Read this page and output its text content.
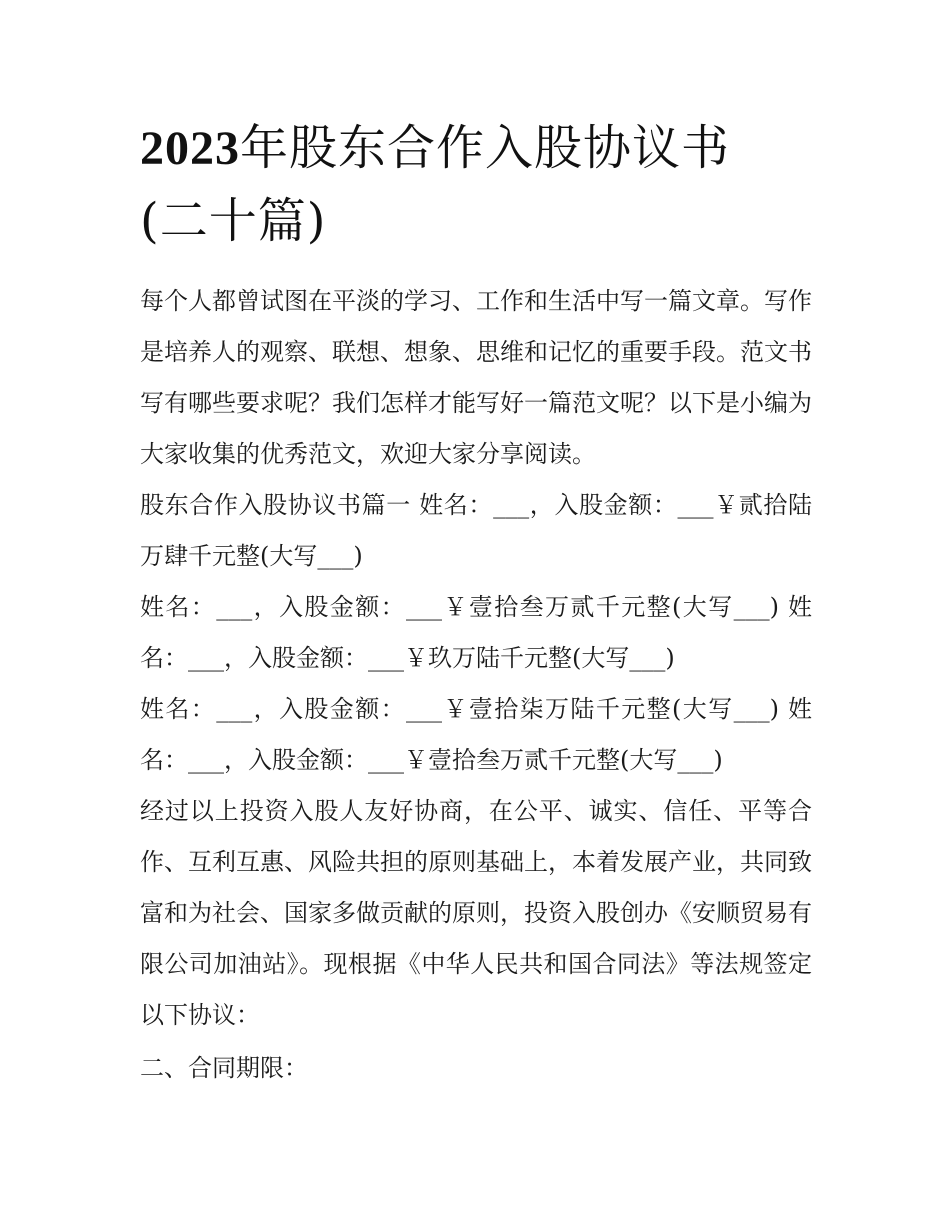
2023年股东合作入股协议书
(二十篇)

每个人都曾试图在平淡的学习、工作和生活中写一篇文章。写作是培养人的观察、联想、想象、思维和记忆的重要手段。范文书写有哪些要求呢？我们怎样才能写好一篇范文呢？以下是小编为大家收集的优秀范文，欢迎大家分享阅读。

股东合作入股协议书篇一 姓名：___，入股金额：___￥贰拾陆万肆千元整(大写___)

姓名：___，入股金额：___￥壹拾叁万贰千元整(大写___) 姓名：___，入股金额：___￥玖万陆千元整(大写___)

姓名：___，入股金额：___￥壹拾柒万陆千元整(大写___) 姓名：___，入股金额：___￥壹拾叁万贰千元整(大写___)

经过以上投资入股人友好协商，在公平、诚实、信任、平等合作、互利互惠、风险共担的原则基础上，本着发展产业，共同致富和为社会、国家多做贡献的原则，投资入股创办《安顺贸易有限公司加油站》。现根据《中华人民共和国合同法》等法规签定以下协议：

二、合同期限：
